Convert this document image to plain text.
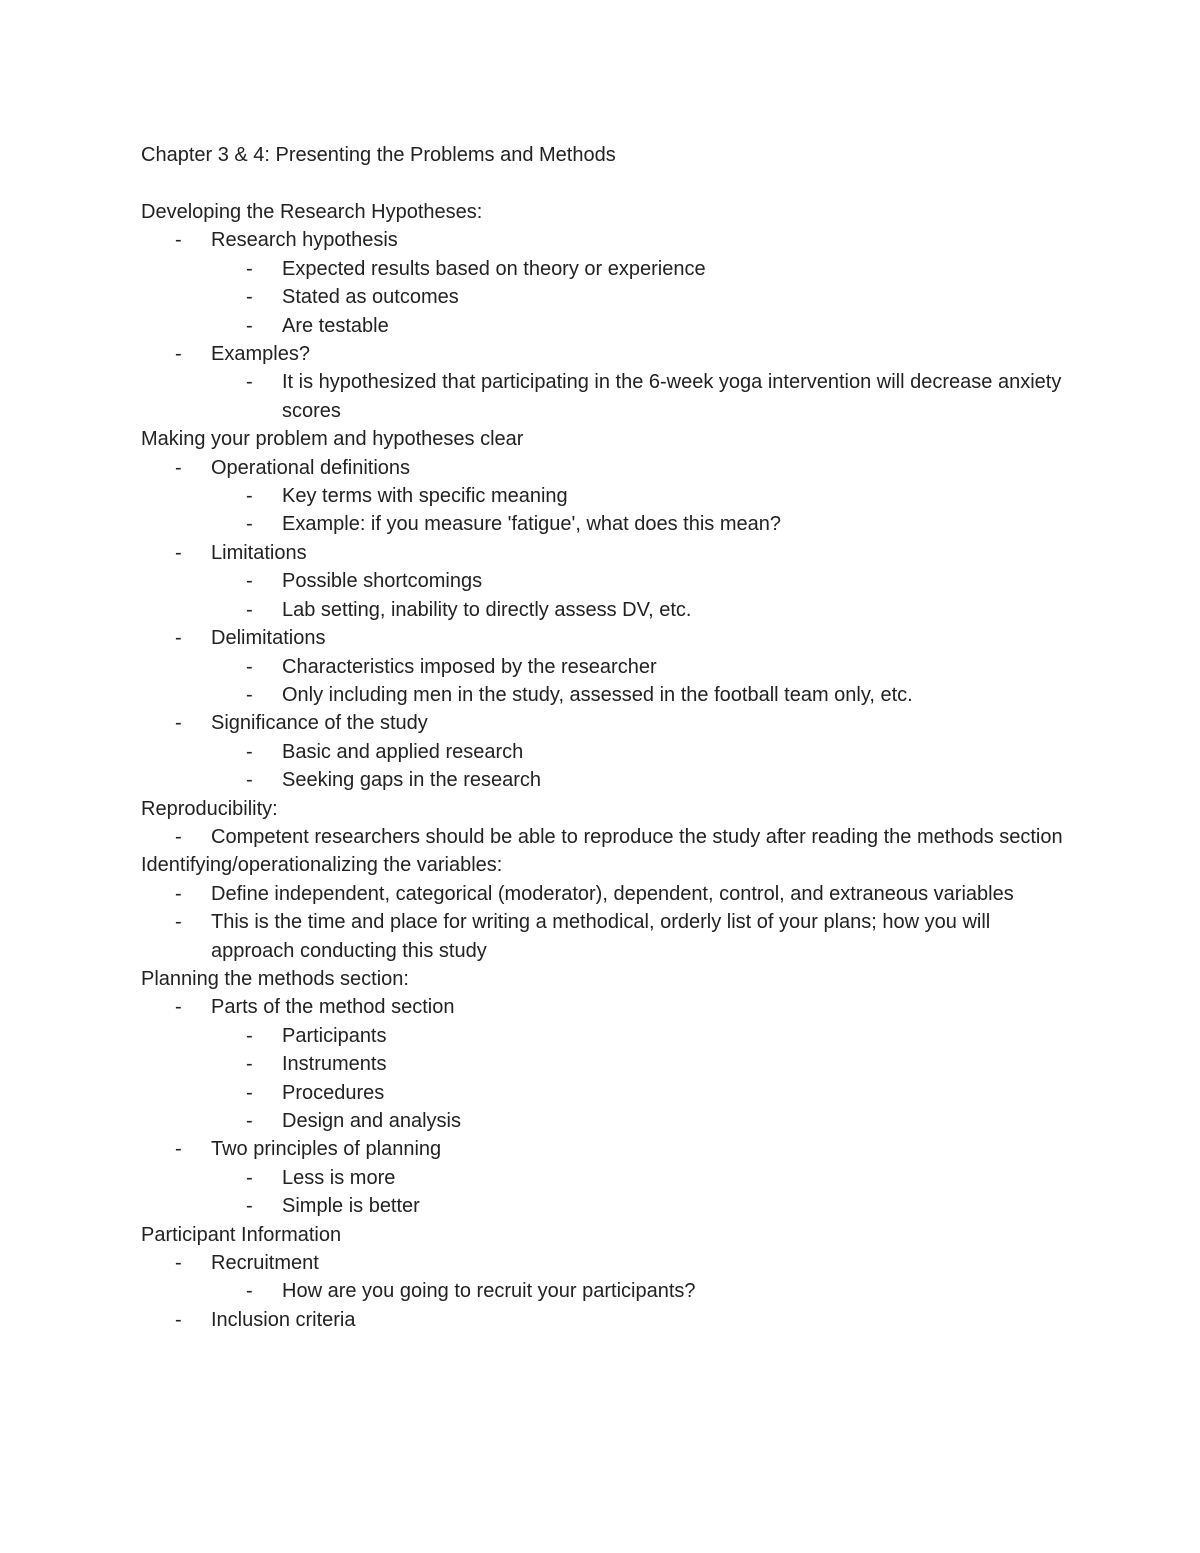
Chapter 3 & 4: Presenting the Problems and Methods
Developing the Research Hypotheses:
- Research hypothesis
- Expected results based on theory or experience
- Stated as outcomes
- Are testable
- Examples?
- It is hypothesized that participating in the 6-week yoga intervention will decrease anxiety scores
Making your problem and hypotheses clear
- Operational definitions
- Key terms with specific meaning
- Example: if you measure 'fatigue', what does this mean?
- Limitations
- Possible shortcomings
- Lab setting, inability to directly assess DV, etc.
- Delimitations
- Characteristics imposed by the researcher
- Only including men in the study, assessed in the football team only, etc.
- Significance of the study
- Basic and applied research
- Seeking gaps in the research
Reproducibility:
- Competent researchers should be able to reproduce the study after reading the methods section
Identifying/operationalizing the variables:
- Define independent, categorical (moderator), dependent, control, and extraneous variables
- This is the time and place for writing a methodical, orderly list of your plans; how you will approach conducting this study
Planning the methods section:
- Parts of the method section
- Participants
- Instruments
- Procedures
- Design and analysis
- Two principles of planning
- Less is more
- Simple is better
Participant Information
- Recruitment
- How are you going to recruit your participants?
- Inclusion criteria
